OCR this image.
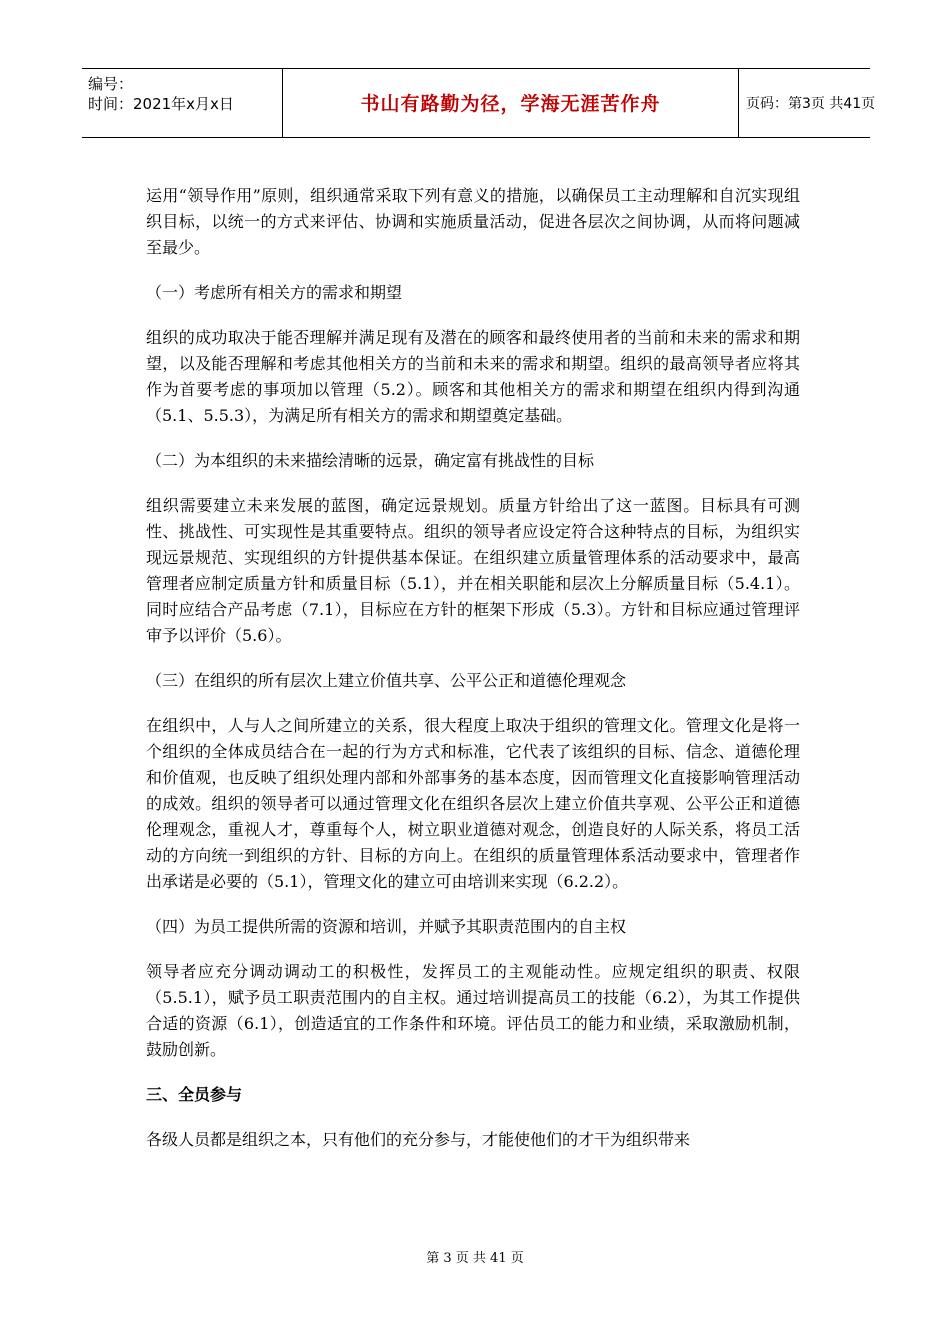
编号：
时间：2021年x月x日	书山有路勤为径，学海无涯苦作舟	页码：第3页 共41页

运用“领导作用”原则，组织通常采取下列有意义的措施，以确保员工主动理解和自沉实现组织目标，以统一的方式来评估、协调和实施质量活动，促进各层次之间协调，从而将问题减至最少。

（一）考虑所有相关方的需求和期望

组织的成功取决于能否理解并满足现有及潜在的顾客和最终使用者的当前和未来的需求和期望，以及能否理解和考虑其他相关方的当前和未来的需求和期望。组织的最高领导者应将其作为首要考虑的事项加以管理（5.2）。顾客和其他相关方的需求和期望在组织内得到沟通（5.1、5.5.3），为满足所有相关方的需求和期望奠定基础。

（二）为本组织的未来描绘清晰的远景，确定富有挑战性的目标

组织需要建立未来发展的蓝图，确定远景规划。质量方针给出了这一蓝图。目标具有可测性、挑战性、可实现性是其重要特点。组织的领导者应设定符合这种特点的目标，为组织实现远景规范、实现组织的方针提供基本保证。在组织建立质量管理体系的活动要求中，最高管理者应制定质量方针和质量目标（5.1），并在相关职能和层次上分解质量目标（5.4.1）。同时应结合产品考虑（7.1），目标应在方针的框架下形成（5.3）。方针和目标应通过管理评审予以评价（5.6）。

（三）在组织的所有层次上建立价值共享、公平公正和道德伦理观念

在组织中，人与人之间所建立的关系，很大程度上取决于组织的管理文化。管理文化是将一个组织的全体成员结合在一起的行为方式和标准，它代表了该组织的目标、信念、道德伦理和价值观，也反映了组织处理内部和外部事务的基本态度，因而管理文化直接影响管理活动的成效。组织的领导者可以通过管理文化在组织各层次上建立价值共享观、公平公正和道德伦理观念，重视人才，尊重每个人，树立职业道德对观念，创造良好的人际关系，将员工活动的方向统一到组织的方针、目标的方向上。在组织的质量管理体系活动要求中，管理者作出承诺是必要的（5.1），管理文化的建立可由培训来实现（6.2.2）。

（四）为员工提供所需的资源和培训，并赋予其职责范围内的自主权

领导者应充分调动调动工的积极性，发挥员工的主观能动性。应规定组织的职责、权限（5.5.1），赋予员工职责范围内的自主权。通过培训提高员工的技能（6.2），为其工作提供合适的资源（6.1），创造适宜的工作条件和环境。评估员工的能力和业绩，采取激励机制，鼓励创新。

三、全员参与

各级人员都是组织之本，只有他们的充分参与，才能使他们的才干为组织带来

第 3 页 共 41 页
